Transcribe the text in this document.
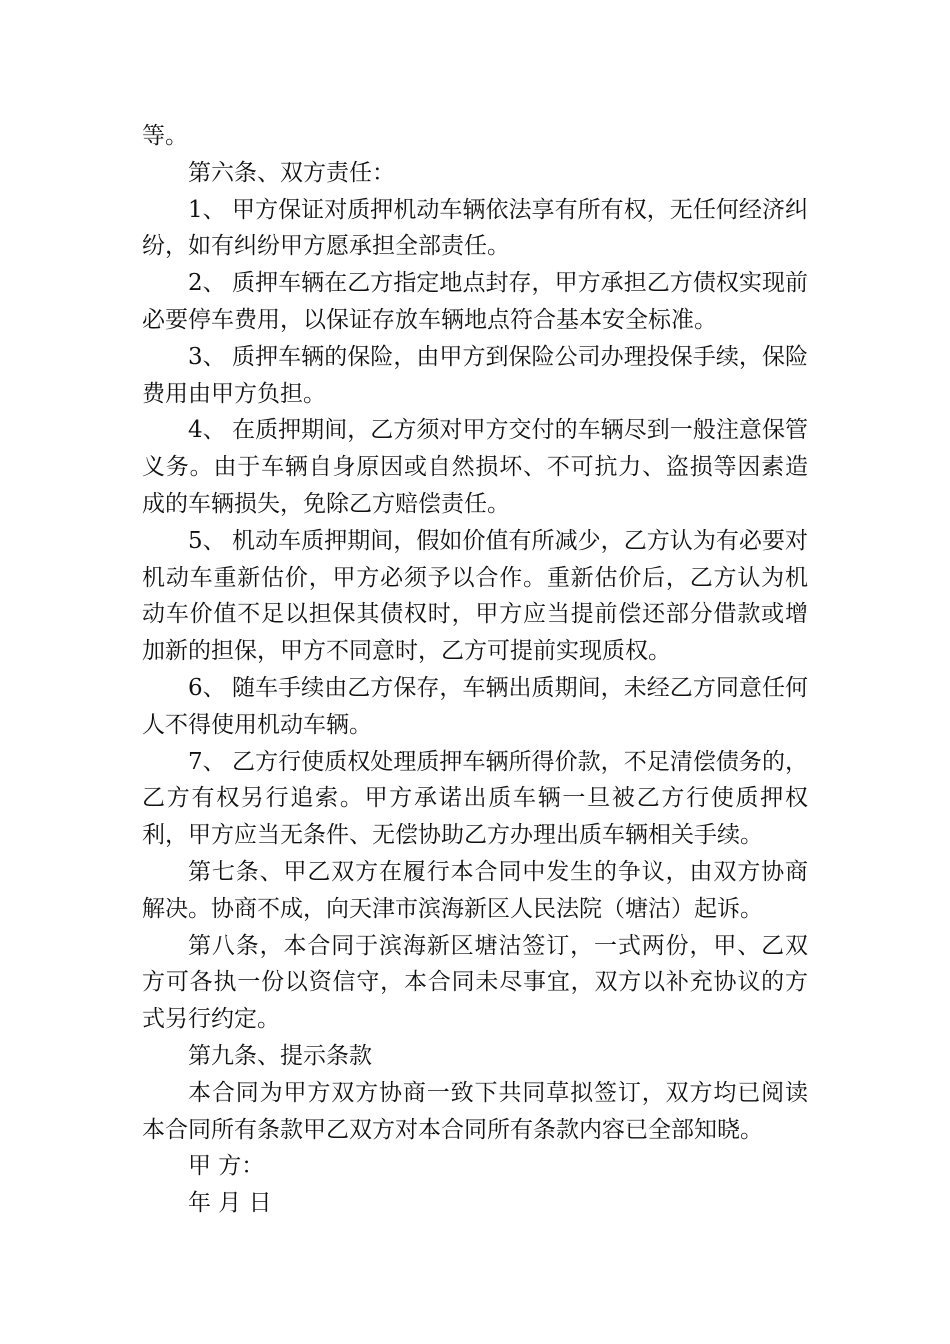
等。

第六条、双方责任：

1、 甲方保证对质押机动车辆依法享有所有权，无任何经济纠纷，如有纠纷甲方愿承担全部责任。

2、 质押车辆在乙方指定地点封存，甲方承担乙方债权实现前必要停车费用，以保证存放车辆地点符合基本安全标准。

3、 质押车辆的保险，由甲方到保险公司办理投保手续，保险费用由甲方负担。

4、 在质押期间，乙方须对甲方交付的车辆尽到一般注意保管义务。由于车辆自身原因或自然损坏、不可抗力、盗损等因素造成的车辆损失，免除乙方赔偿责任。

5、 机动车质押期间，假如价值有所减少，乙方认为有必要对机动车重新估价，甲方必须予以合作。重新估价后，乙方认为机动车价值不足以担保其债权时，甲方应当提前偿还部分借款或增加新的担保，甲方不同意时，乙方可提前实现质权。

6、 随车手续由乙方保存，车辆出质期间，未经乙方同意任何人不得使用机动车辆。

7、 乙方行使质权处理质押车辆所得价款，不足清偿债务的，乙方有权另行追索。甲方承诺出质车辆一旦被乙方行使质押权利，甲方应当无条件、无偿协助乙方办理出质车辆相关手续。

第七条、甲乙双方在履行本合同中发生的争议，由双方协商解决。协商不成，向天津市滨海新区人民法院（塘沽）起诉。

第八条，本合同于滨海新区塘沽签订，一式两份，甲、乙双方可各执一份以资信守，本合同未尽事宜，双方以补充协议的方式另行约定。

第九条、提示条款

本合同为甲方双方协商一致下共同草拟签订，双方均已阅读本合同所有条款甲乙双方对本合同所有条款内容已全部知晓。

甲 方：

年 月 日
